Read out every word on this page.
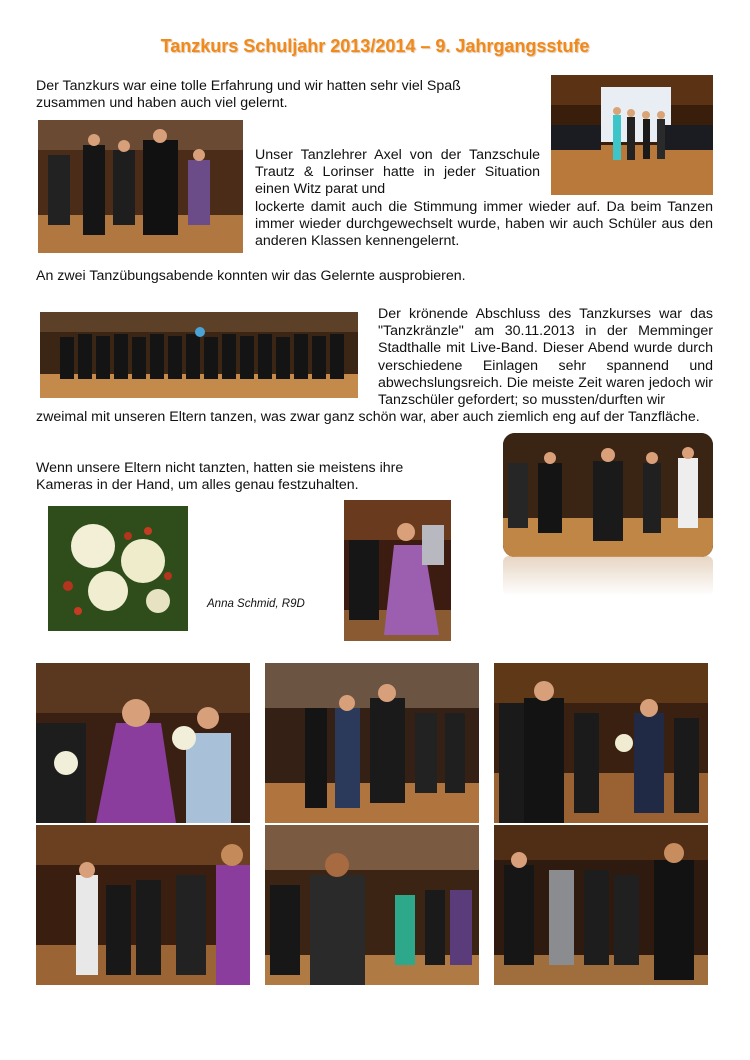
Tanzkurs Schuljahr 2013/2014 – 9. Jahrgangsstufe
Der Tanzkurs war eine tolle Erfahrung und wir hatten sehr viel Spaß zusammen und haben auch viel gelernt.
Unser Tanzlehrer Axel von der Tanzschule Trautz & Lorinser hatte in jeder Situation einen Witz parat und
lockerte damit auch die Stimmung immer wieder auf. Da beim Tanzen immer wieder durchgewechselt wurde, haben wir auch Schüler aus den anderen Klassen kennengelernt.
An zwei Tanzübungsabende konnten wir das Gelernte ausprobieren.
Der krönende Abschluss des Tanzkurses war das "Tanzkränzle" am 30.11.2013 in der Memminger Stadthalle mit Live-Band. Dieser Abend wurde durch verschiedene Einlagen sehr spannend und abwechslungsreich. Die meiste Zeit waren jedoch wir Tanzschüler gefordert; so mussten/durften wir
zweimal mit unseren Eltern tanzen, was zwar ganz schön war, aber auch ziemlich eng auf der Tanzfläche.
Wenn unsere Eltern nicht tanzten, hatten sie meistens ihre Kameras in der Hand, um alles genau festzuhalten.
Anna Schmid, R9D
